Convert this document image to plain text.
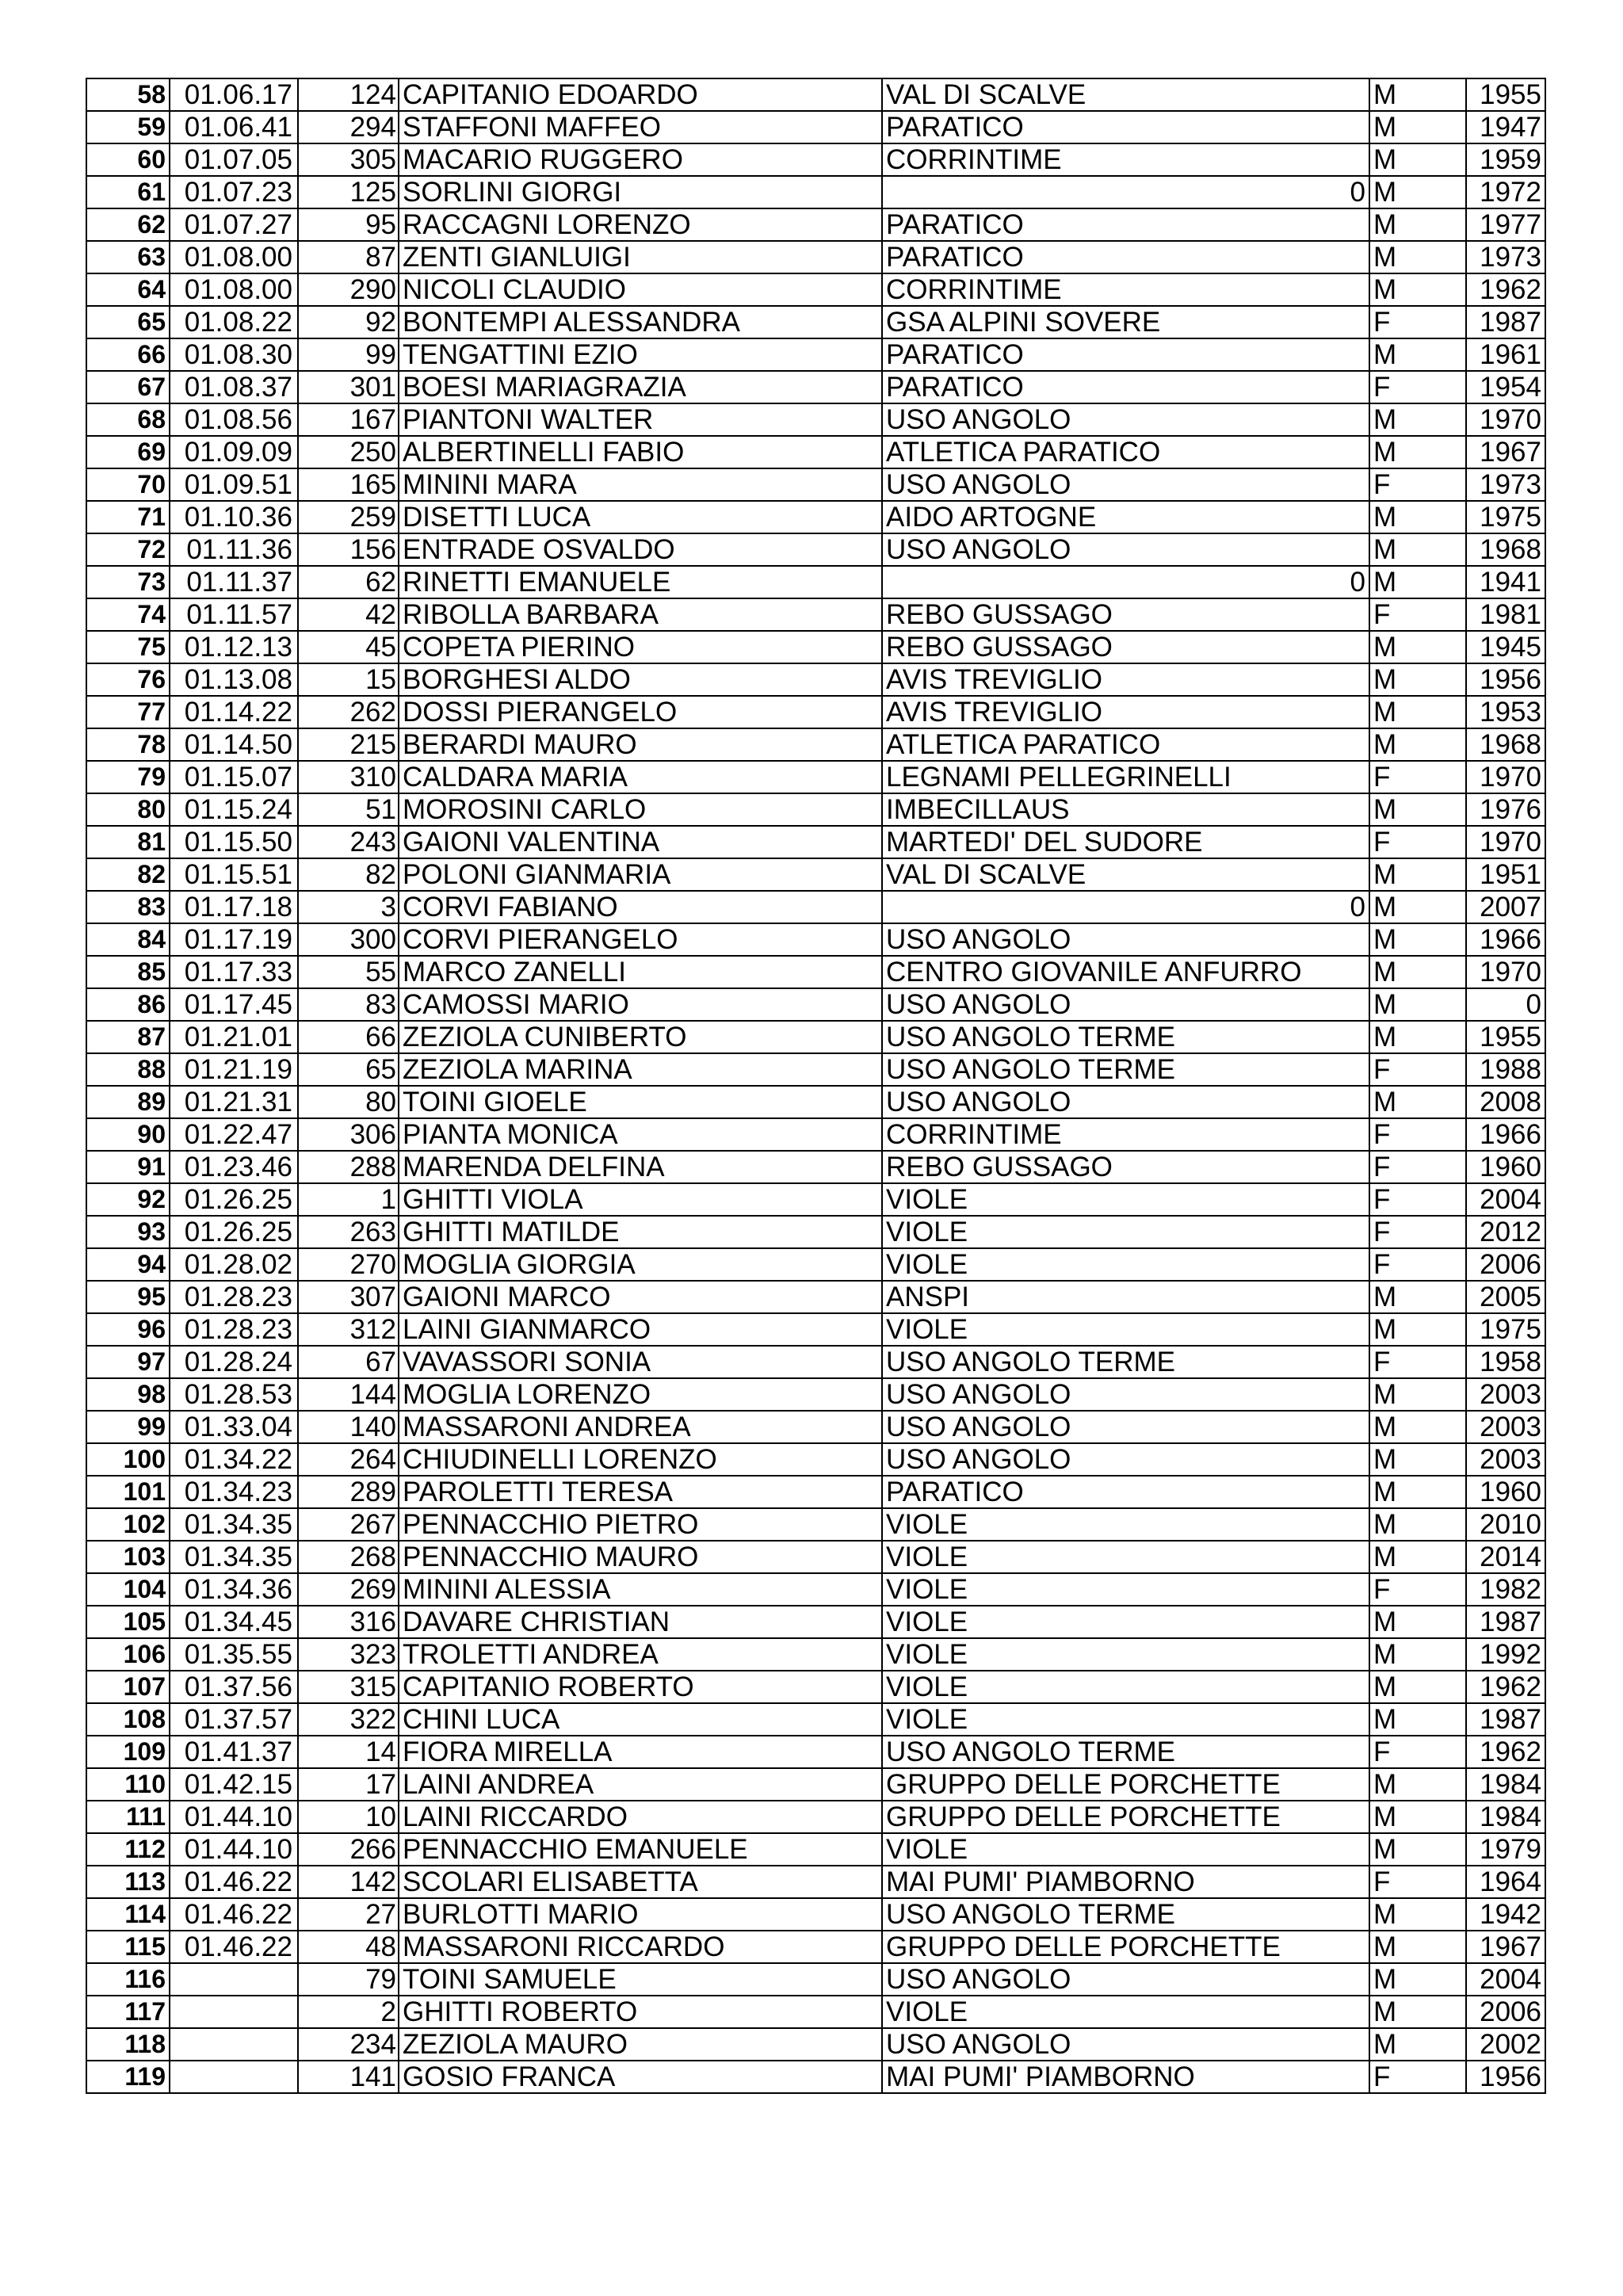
58	01.06.17	124	CAPITANIO EDOARDO	VAL DI SCALVE	M	1955
59	01.06.41	294	STAFFONI MAFFEO	PARATICO	M	1947
60	01.07.05	305	MACARIO RUGGERO	CORRINTIME	M	1959
61	01.07.23	125	SORLINI GIORGI	0	M	1972
62	01.07.27	95	RACCAGNI LORENZO	PARATICO	M	1977
63	01.08.00	87	ZENTI GIANLUIGI	PARATICO	M	1973
64	01.08.00	290	NICOLI CLAUDIO	CORRINTIME	M	1962
65	01.08.22	92	BONTEMPI ALESSANDRA	GSA ALPINI SOVERE	F	1987
66	01.08.30	99	TENGATTINI EZIO	PARATICO	M	1961
67	01.08.37	301	BOESI MARIAGRAZIA	PARATICO	F	1954
68	01.08.56	167	PIANTONI WALTER	USO ANGOLO	M	1970
69	01.09.09	250	ALBERTINELLI FABIO	ATLETICA PARATICO	M	1967
70	01.09.51	165	MININI MARA	USO ANGOLO	F	1973
71	01.10.36	259	DISETTI LUCA	AIDO ARTOGNE	M	1975
72	01.11.36	156	ENTRADE OSVALDO	USO ANGOLO	M	1968
73	01.11.37	62	RINETTI EMANUELE	0	M	1941
74	01.11.57	42	RIBOLLA BARBARA	REBO GUSSAGO	F	1981
75	01.12.13	45	COPETA PIERINO	REBO GUSSAGO	M	1945
76	01.13.08	15	BORGHESI ALDO	AVIS TREVIGLIO	M	1956
77	01.14.22	262	DOSSI PIERANGELO	AVIS TREVIGLIO	M	1953
78	01.14.50	215	BERARDI MAURO	ATLETICA PARATICO	M	1968
79	01.15.07	310	CALDARA MARIA	LEGNAMI PELLEGRINELLI	F	1970
80	01.15.24	51	MOROSINI CARLO	IMBECILLAUS	M	1976
81	01.15.50	243	GAIONI VALENTINA	MARTEDI' DEL SUDORE	F	1970
82	01.15.51	82	POLONI GIANMARIA	VAL DI SCALVE	M	1951
83	01.17.18	3	CORVI FABIANO	0	M	2007
84	01.17.19	300	CORVI PIERANGELO	USO ANGOLO	M	1966
85	01.17.33	55	MARCO ZANELLI	CENTRO GIOVANILE ANFURRO	M	1970
86	01.17.45	83	CAMOSSI MARIO	USO ANGOLO	M	0
87	01.21.01	66	ZEZIOLA CUNIBERTO	USO ANGOLO TERME	M	1955
88	01.21.19	65	ZEZIOLA MARINA	USO ANGOLO TERME	F	1988
89	01.21.31	80	TOINI GIOELE	USO ANGOLO	M	2008
90	01.22.47	306	PIANTA MONICA	CORRINTIME	F	1966
91	01.23.46	288	MARENDA DELFINA	REBO GUSSAGO	F	1960
92	01.26.25	1	GHITTI VIOLA	VIOLE	F	2004
93	01.26.25	263	GHITTI MATILDE	VIOLE	F	2012
94	01.28.02	270	MOGLIA GIORGIA	VIOLE	F	2006
95	01.28.23	307	GAIONI MARCO	ANSPI	M	2005
96	01.28.23	312	LAINI GIANMARCO	VIOLE	M	1975
97	01.28.24	67	VAVASSORI SONIA	USO ANGOLO TERME	F	1958
98	01.28.53	144	MOGLIA LORENZO	USO ANGOLO	M	2003
99	01.33.04	140	MASSARONI ANDREA	USO ANGOLO	M	2003
100	01.34.22	264	CHIUDINELLI LORENZO	USO ANGOLO	M	2003
101	01.34.23	289	PAROLETTI TERESA	PARATICO	M	1960
102	01.34.35	267	PENNACCHIO PIETRO	VIOLE	M	2010
103	01.34.35	268	PENNACCHIO MAURO	VIOLE	M	2014
104	01.34.36	269	MININI ALESSIA	VIOLE	F	1982
105	01.34.45	316	DAVARE CHRISTIAN	VIOLE	M	1987
106	01.35.55	323	TROLETTI ANDREA	VIOLE	M	1992
107	01.37.56	315	CAPITANIO ROBERTO	VIOLE	M	1962
108	01.37.57	322	CHINI LUCA	VIOLE	M	1987
109	01.41.37	14	FIORA MIRELLA	USO ANGOLO TERME	F	1962
110	01.42.15	17	LAINI ANDREA	GRUPPO DELLE PORCHETTE	M	1984
111	01.44.10	10	LAINI RICCARDO	GRUPPO DELLE PORCHETTE	M	1984
112	01.44.10	266	PENNACCHIO EMANUELE	VIOLE	M	1979
113	01.46.22	142	SCOLARI ELISABETTA	MAI PUMI' PIAMBORNO	F	1964
114	01.46.22	27	BURLOTTI MARIO	USO ANGOLO TERME	M	1942
115	01.46.22	48	MASSARONI RICCARDO	GRUPPO DELLE PORCHETTE	M	1967
116		79	TOINI SAMUELE	USO ANGOLO	M	2004
117		2	GHITTI ROBERTO	VIOLE	M	2006
118		234	ZEZIOLA MAURO	USO ANGOLO	M	2002
119		141	GOSIO FRANCA	MAI PUMI' PIAMBORNO	F	1956
